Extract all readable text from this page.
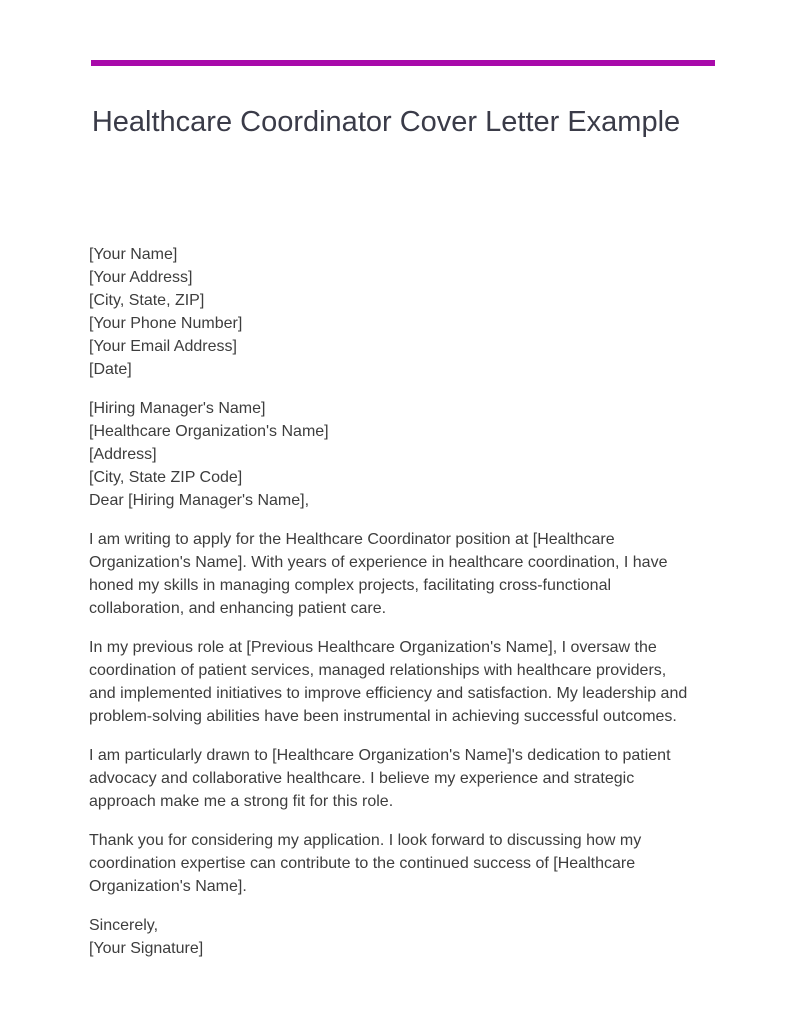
Healthcare Coordinator Cover Letter Example
[Your Name]
[Your Address]
[City, State, ZIP]
[Your Phone Number]
[Your Email Address]
[Date]
[Hiring Manager's Name]
[Healthcare Organization's Name]
[Address]
[City, State ZIP Code]
Dear [Hiring Manager's Name],

I am writing to apply for the Healthcare Coordinator position at [Healthcare Organization's Name]. With years of experience in healthcare coordination, I have honed my skills in managing complex projects, facilitating cross-functional collaboration, and enhancing patient care.

In my previous role at [Previous Healthcare Organization's Name], I oversaw the coordination of patient services, managed relationships with healthcare providers, and implemented initiatives to improve efficiency and satisfaction. My leadership and problem-solving abilities have been instrumental in achieving successful outcomes.

I am particularly drawn to [Healthcare Organization's Name]'s dedication to patient advocacy and collaborative healthcare. I believe my experience and strategic approach make me a strong fit for this role.

Thank you for considering my application. I look forward to discussing how my coordination expertise can contribute to the continued success of [Healthcare Organization's Name].

Sincerely,
[Your Signature]
